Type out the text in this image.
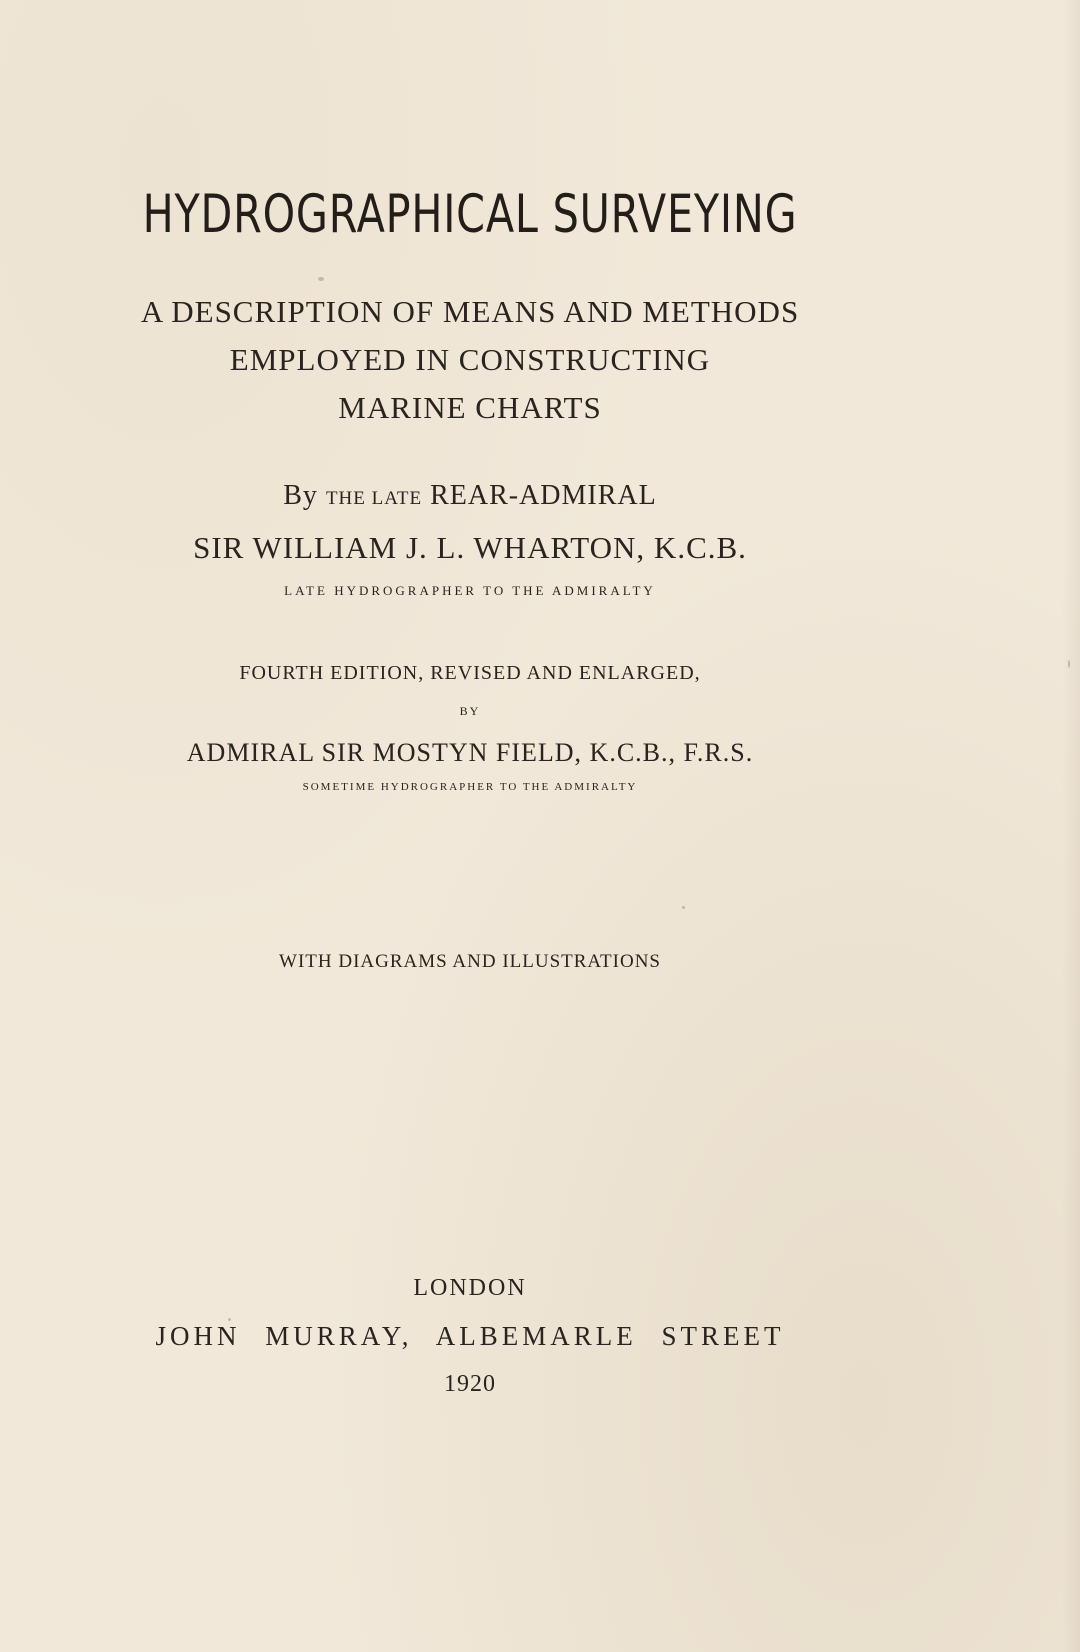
HYDROGRAPHICAL SURVEYING
A DESCRIPTION OF MEANS AND METHODS
EMPLOYED IN CONSTRUCTING
MARINE CHARTS
By THE LATE REAR-ADMIRAL
SIR WILLIAM J. L. WHARTON, K.C.B.
LATE HYDROGRAPHER TO THE ADMIRALTY
FOURTH EDITION, REVISED AND ENLARGED,
BY
ADMIRAL SIR MOSTYN FIELD, K.C.B., F.R.S.
SOMETIME HYDROGRAPHER TO THE ADMIRALTY
WITH DIAGRAMS AND ILLUSTRATIONS
LONDON
JOHN MURRAY, ALBEMARLE STREET
1920
